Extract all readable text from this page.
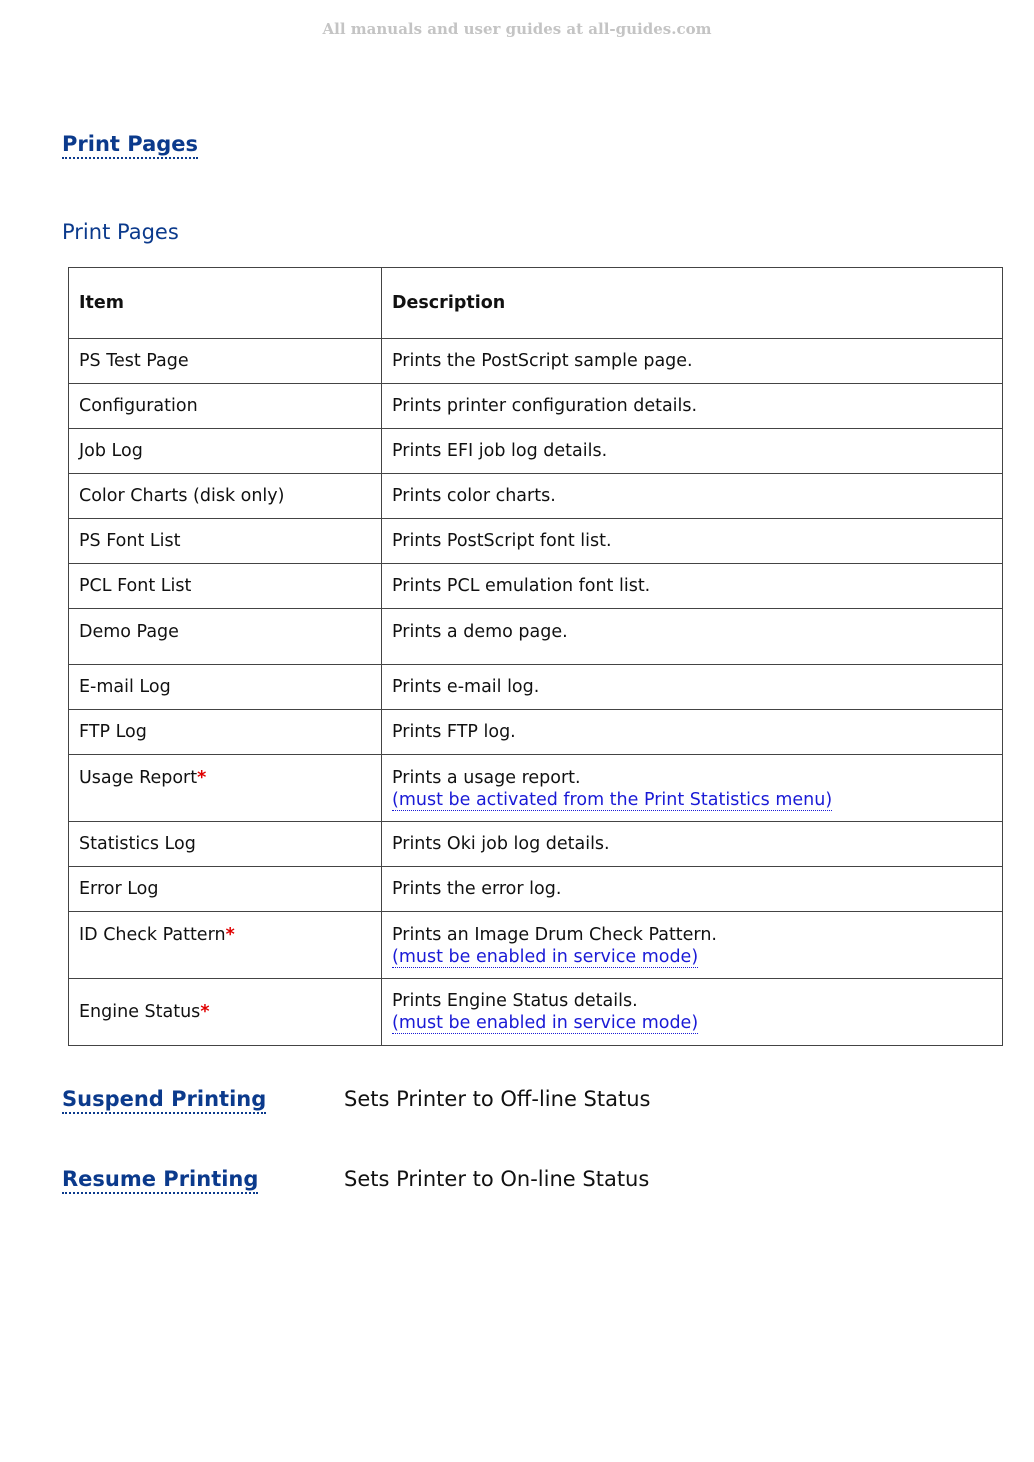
All manuals and user guides at all-guides.com
Print Pages
Print Pages
Item	Description
PS Test Page	Prints the PostScript sample page.
Configuration	Prints printer configuration details.
Job Log	Prints EFI job log details.
Color Charts (disk only)	Prints color charts.
PS Font List	Prints PostScript font list.
PCL Font List	Prints PCL emulation font list.
Demo Page	Prints a demo page.
E-mail Log	Prints e-mail log.
FTP Log	Prints FTP log.
Usage Report*	Prints a usage report.
(must be activated from the Print Statistics menu)
Statistics Log	Prints Oki job log details.
Error Log	Prints the error log.
ID Check Pattern*	Prints an Image Drum Check Pattern.
(must be enabled in service mode)
Engine Status*	Prints Engine Status details.
(must be enabled in service mode)
Suspend Printing	Sets Printer to Off-line Status
Resume Printing	Sets Printer to On-line Status
